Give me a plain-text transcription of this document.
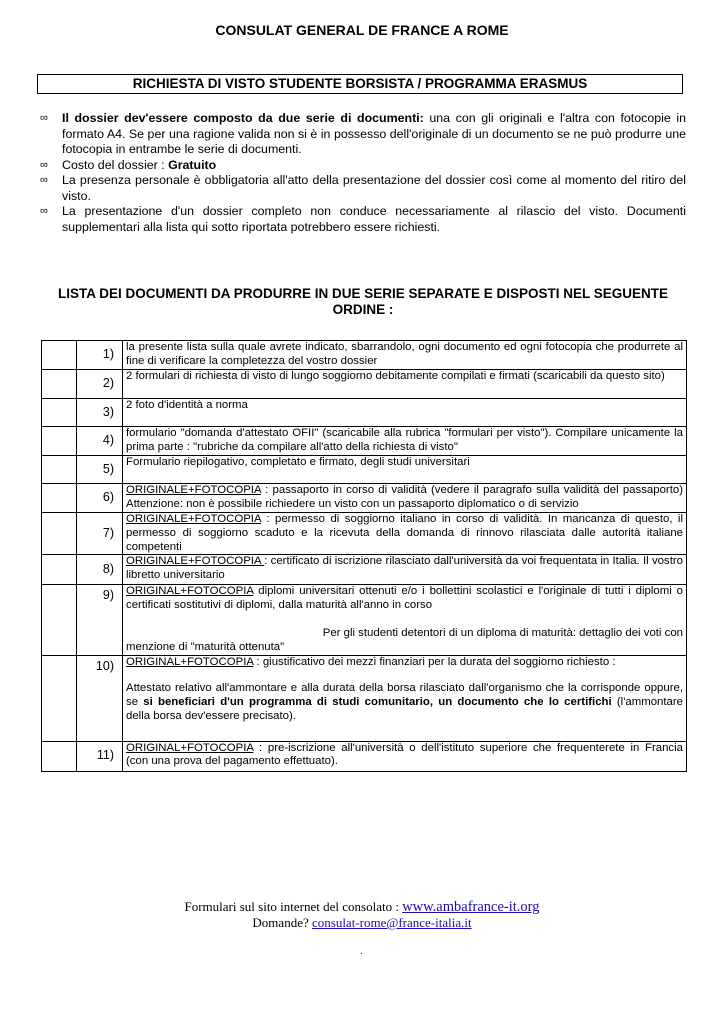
CONSULAT GENERAL DE FRANCE A ROME
RICHIESTA DI VISTO STUDENTE BORSISTA / PROGRAMMA ERASMUS
∞ Il dossier dev'essere composto da due serie di documenti: una con gli originali e l'altra con fotocopie in formato A4. Se per una ragione valida non si è in possesso dell'originale di un documento se ne può produrre une fotocopia in entrambe le serie di documenti.
∞ Costo del dossier : Gratuito
∞ La presenza personale è obbligatoria all'atto della presentazione del dossier così come al momento del ritiro del visto.
∞ La presentazione d'un dossier completo non conduce necessariamente al rilascio del visto. Documenti supplementari alla lista qui sotto riportata potrebbero essere richiesti.
LISTA DEI DOCUMENTI DA PRODURRE IN DUE SERIE SEPARATE E DISPOSTI NEL SEGUENTE ORDINE :
	1)	la presente lista sulla quale avrete indicato, sbarrandolo, ogni documento ed ogni fotocopia che produrrete al fine di verificare la completezza del vostro dossier
	2)	2 formulari di richiesta di visto di lungo soggiorno debitamente compilati e firmati (scaricabili da questo sito)
	3)	2 foto d'identità a norma
	4)	formulario "domanda d'attestato OFII" (scaricabile alla rubrica "formulari per visto"). Compilare unicamente la prima parte : "rubriche da compilare all'atto della richiesta di visto"
	5)	Formulario riepilogativo, completato e firmato, degli studi universitari
	6)	ORIGINALE+FOTOCOPIA : passaporto in corso di validità (vedere il paragrafo sulla validità del passaporto) Attenzione: non è possibile richiedere un visto con un passaporto diplomatico o di servizio
	7)	ORIGINALE+FOTOCOPIA : permesso di soggiorno italiano in corso di validità. In mancanza di questo, il permesso di soggiorno scaduto e la ricevuta della domanda di rinnovo rilasciata dalle autorità italiane competenti
	8)	ORIGINALE+FOTOCOPIA : certificato di iscrizione rilasciato dall'università da voi frequentata in Italia. Il vostro libretto universitario
	9)	ORIGINAL+FOTOCOPIA diplomi universitari ottenuti e/o i bollettini scolastici e l'originale di tutti i diplomi o certificati sostitutivi di diplomi, dalla maturità all'anno in corso
Per gli studenti detentori di un diploma di maturità: dettaglio dei voti con
menzione di "maturità ottenuta"
	10)	ORIGINAL+FOTOCOPIA : giustificativo dei mezzi finanziari per la durata del soggiorno richiesto :
Attestato relativo all'ammontare e alla durata della borsa rilasciato dall'organismo che la corrisponde oppure, se si beneficiari d'un programma di studi comunitario, un documento che lo certifichi (l'ammontare della borsa dev'essere precisato).
	11)	ORIGINAL+FOTOCOPIA : pre-iscrizione all'università o dell'istituto superiore che frequenterete in Francia (con una prova del pagamento effettuato).
Formulari sul sito internet del consolato : www.ambafrance-it.org
Domande? consulat-rome@france-italia.it
.
